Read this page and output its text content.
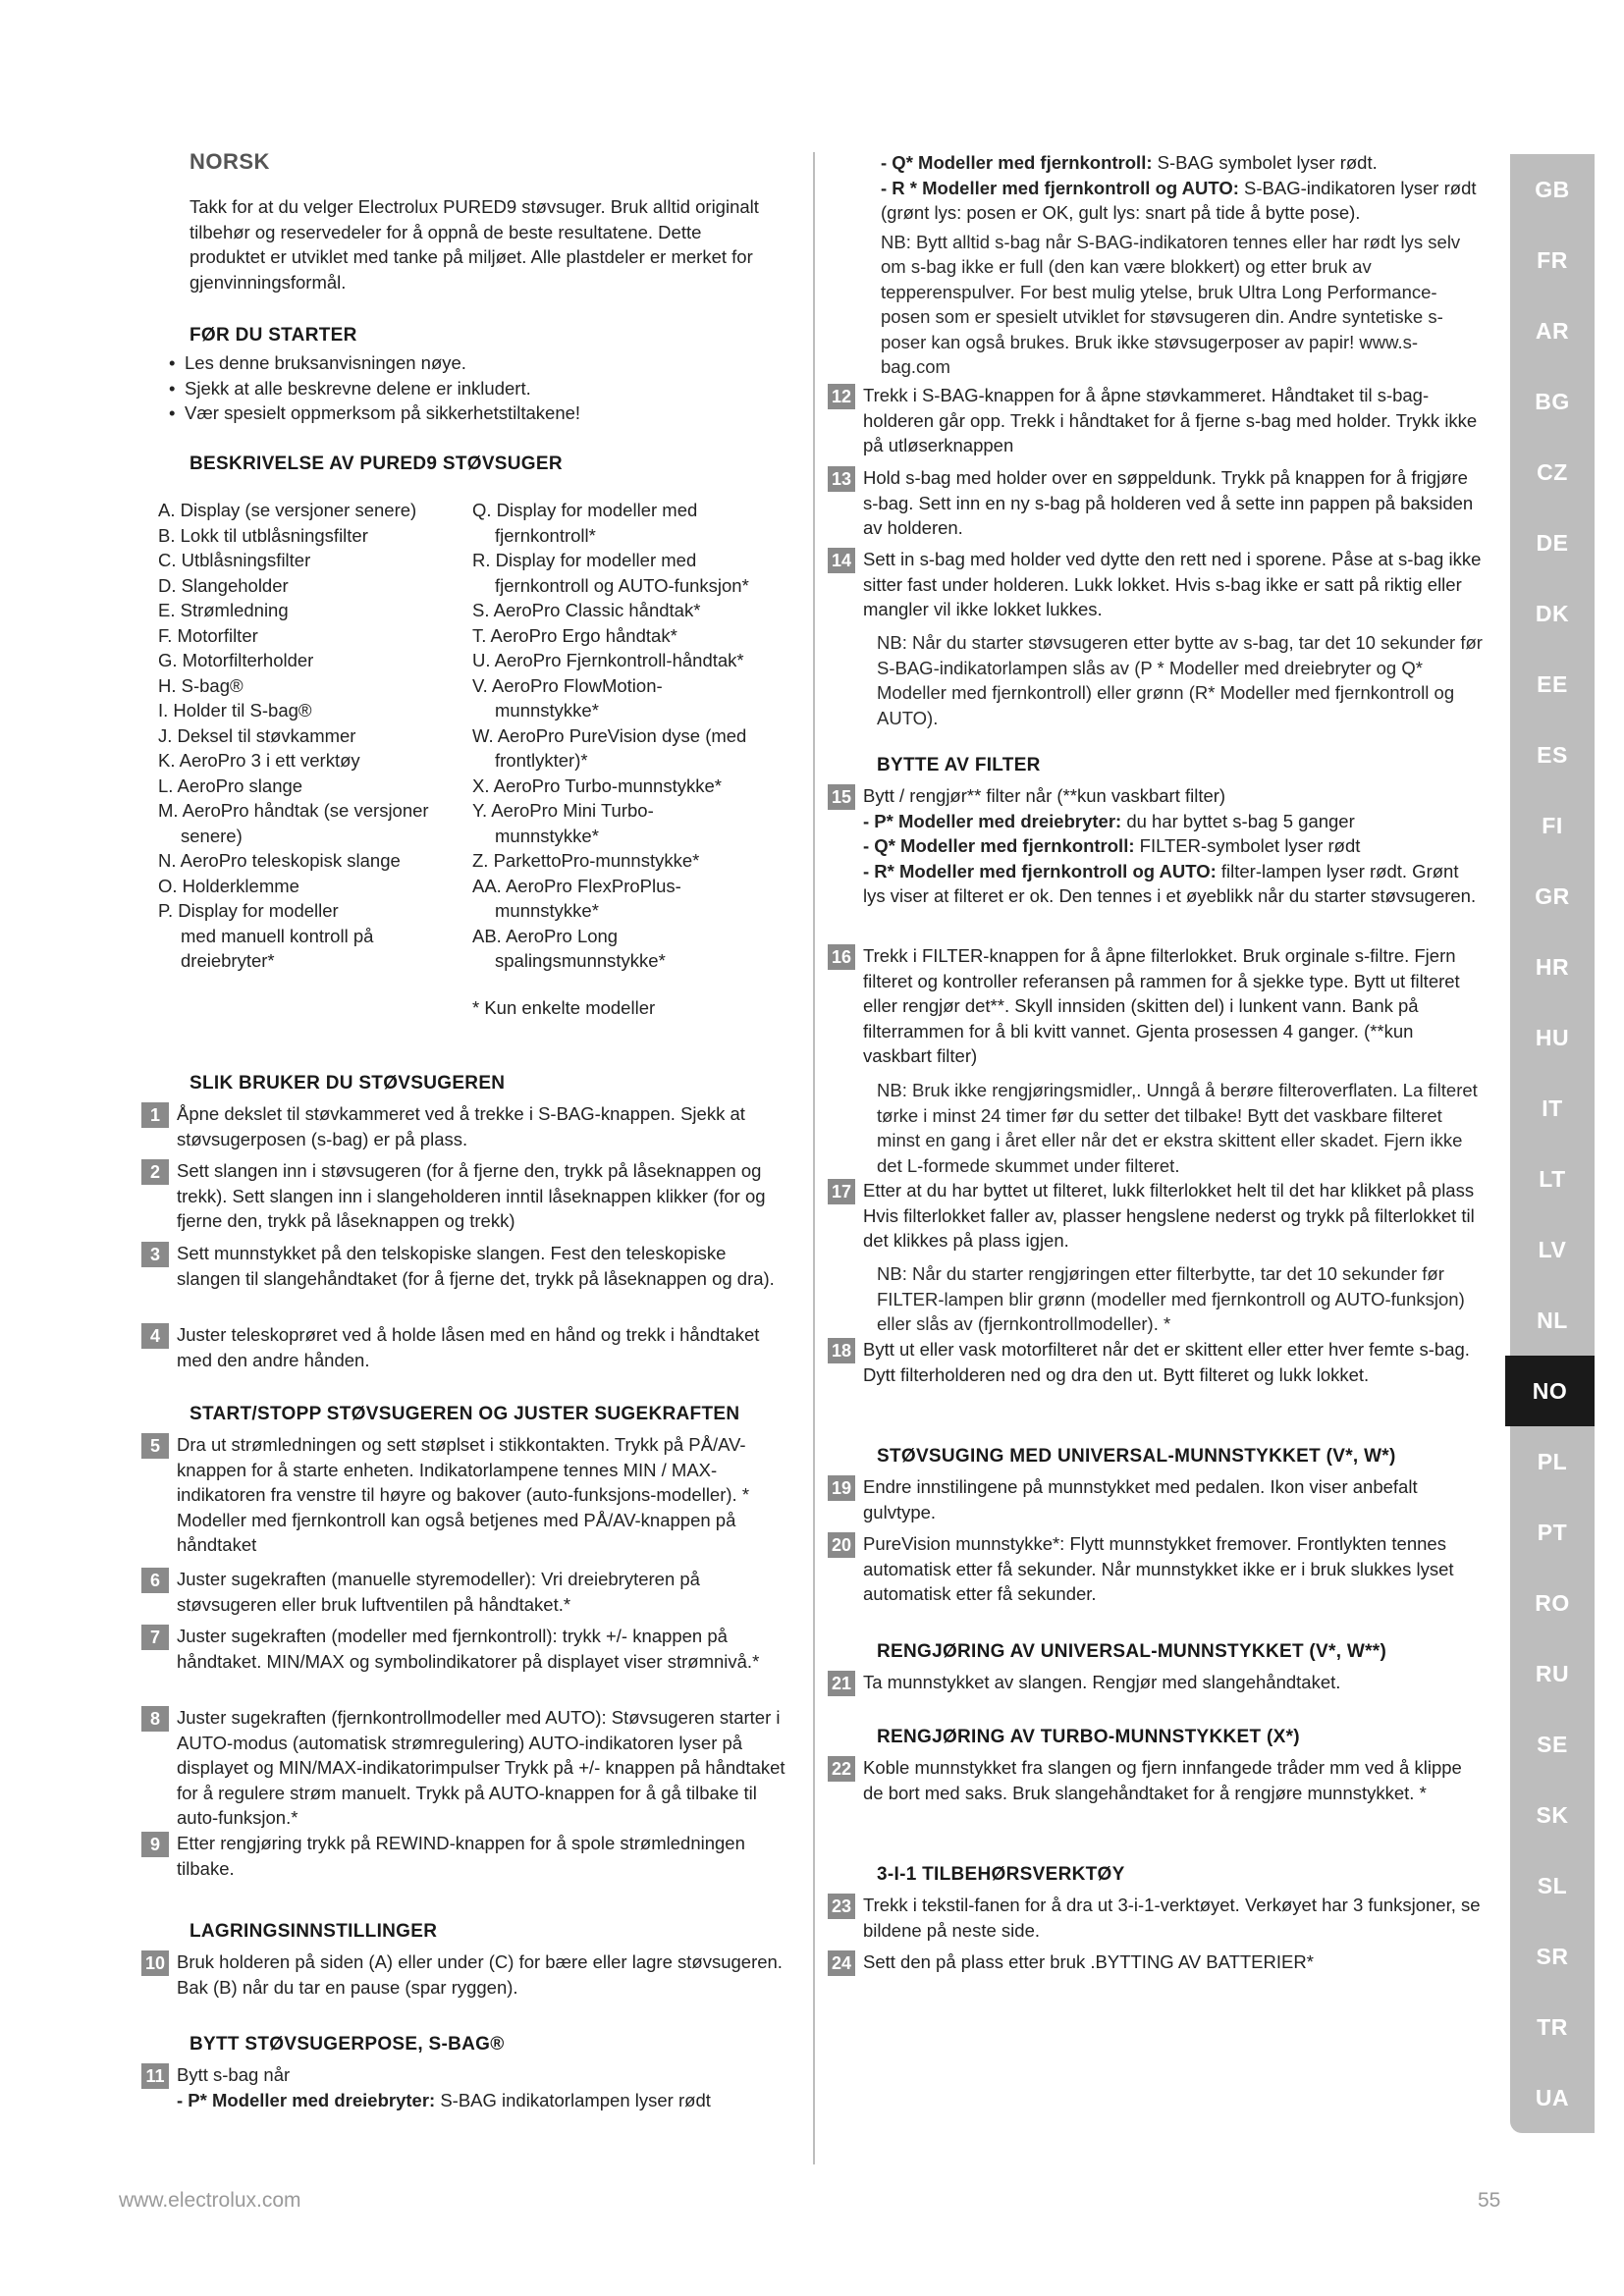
NORSK

Takk for at du velger Electrolux PURED9 støvsuger. Bruk alltid originalt tilbehør og reservedeler for å oppnå de beste resultatene. Dette produktet er utviklet med tanke på miljøet. Alle plastdeler er merket for gjenvinningsformål.

FØR DU STARTER
• Les denne bruksanvisningen nøye.
• Sjekk at alle beskrevne delene er inkludert.
• Vær spesielt oppmerksom på sikkerhetstiltakene!
BESKRIVELSE AV PURED9 STØVSUGER
A. Display (se versjoner senere)
B. Lokk til utblåsningsfilter
C. Utblåsningsfilter
D. Slangeholder
E. Strømledning
F. Motorfilter
G. Motorfilterholder
H. S-bag®
I. Holder til S-bag®
J. Deksel til støvkammer
K. AeroPro 3 i ett verktøy
L. AeroPro slange
M. AeroPro håndtak (se versjoner
senere)
N. AeroPro teleskopisk slange
O. Holderklemme
P. Display for modeller
med manuell kontroll på
dreiebryter*
Q. Display for modeller med
fjernkontroll*
R. Display for modeller med
fjernkontroll og AUTO-funksjon*
S. AeroPro Classic håndtak*
T. AeroPro Ergo håndtak*
U. AeroPro Fjernkontroll-håndtak*
V. AeroPro FlowMotion-
munnstykke*
W. AeroPro PureVision dyse (med
frontlykter)*
X. AeroPro Turbo-munnstykke*
Y. AeroPro Mini Turbo-
munnstykke*
Z. ParkettoPro-munnstykke*
AA. AeroPro FlexProPlus-
munnstykke*
AB. AeroPro Long
spalingsmunnstykke*

* Kun enkelte modeller

SLIK BRUKER DU STØVSUGEREN
1 Åpne dekslet til støvkammeret ved å trekke i S-BAG-knappen. Sjekk at støvsugerposen (s-bag) er på plass.
2 Sett slangen inn i støvsugeren (for å fjerne den, trykk på låseknappen og trekk). Sett slangen inn i slangeholderen inntil låseknappen klikker (for og fjerne den, trykk på låseknappen og trekk)
3 Sett munnstykket på den telskopiske slangen. Fest den teleskopiske slangen til slangehåndtaket (for å fjerne det, trykk på låseknappen og dra).
4 Juster teleskoprøret ved å holde låsen med en hånd og trekk i håndtaket med den andre hånden.
START/STOPP STØVSUGEREN OG JUSTER SUGEKRAFTEN
5 Dra ut strømledningen og sett støplset i stikkontakten. Trykk på PÅ/AV-knappen for å starte enheten. Indikatorlampene tennes MIN / MAX-indikatoren fra venstre til høyre og bakover (auto-funksjons-modeller). * Modeller med fjernkontroll kan også betjenes med PÅ/AV-knappen på håndtaket
6 Juster sugekraften (manuelle styremodeller): Vri dreiebryteren på støvsugeren eller bruk luftventilen på håndtaket.*
7 Juster sugekraften (modeller med fjernkontroll): trykk +/- knappen på håndtaket. MIN/MAX og symbolindikatorer på displayet viser strømnivå.*
8 Juster sugekraften (fjernkontrollmodeller med AUTO): Støvsugeren starter i AUTO-modus (automatisk strømregulering) AUTO-indikatoren lyser på displayet og MIN/MAX-indikatorimpulser Trykk på +/- knappen på håndtaket for å regulere strøm manuelt. Trykk på AUTO-knappen for å gå tilbake til auto-funksjon.*
9 Etter rengjøring trykk på REWIND-knappen for å spole strømledningen tilbake.
LAGRINGSINNSTILLINGER
10 Bruk holderen på siden (A) eller under (C) for bære eller lagre støvsugeren. Bak (B) når du tar en pause (spar ryggen).
BYTT STØVSUGERPOSE, S-BAG®
11 Bytt s-bag når
- P* Modeller med dreiebryter: S-BAG indikatorlampen lyser rødt
- Q* Modeller med fjernkontroll: S-BAG symbolet lyser rødt.
- R * Modeller med fjernkontroll og AUTO: S-BAG-indikatoren lyser rødt (grønt lys: posen er OK, gult lys: snart på tide å bytte pose).

NB: Bytt alltid s-bag når S-BAG-indikatoren tennes eller har rødt lys selv om s-bag ikke er full (den kan være blokkert) og etter bruk av tepperenspulver. For best mulig ytelse, bruk Ultra Long Performance-posen som er spesielt utviklet for støvsugeren din. Andre syntetiske s-poser kan også brukes. Bruk ikke støvsugerposer av papir! www.s-bag.com

12 Trekk i S-BAG-knappen for å åpne støvkammeret. Håndtaket til s-bag-holderen går opp. Trekk i håndtaket for å fjerne s-bag med holder. Trykk ikke på utløserknappen
13 Hold s-bag med holder over en søppeldunk. Trykk på knappen for å frigjøre s-bag. Sett inn en ny s-bag på holderen ved å sette inn pappen på baksiden av holderen.
14 Sett in s-bag med holder ved dytte den rett ned i sporene. Påse at s-bag ikke sitter fast under holderen. Lukk lokket. Hvis s-bag ikke er satt på riktig eller mangler vil ikke lokket lukkes.

NB: Når du starter støvsugeren etter bytte av s-bag, tar det 10 sekunder før S-BAG-indikatorlampen slås av (P * Modeller med dreiebryter og Q* Modeller med fjernkontroll) eller grønn (R* Modeller med fjernkontroll og AUTO).

BYTTE AV FILTER
15 Bytt / rengjør** filter når (**kun vaskbart filter)
- P* Modeller med dreiebryter: du har byttet s-bag 5 ganger
- Q* Modeller med fjernkontroll: FILTER-symbolet lyser rødt
- R* Modeller med fjernkontroll og AUTO: filter-lampen lyser rødt. Grønt lys viser at filteret er ok. Den tennes i et øyeblikk når du starter støvsugeren.
16 Trekk i FILTER-knappen for å åpne filterlokket. Bruk orginale s-filtre. Fjern filteret og kontroller referansen på rammen for å sjekke type. Bytt ut filteret eller rengjør det**. Skyll innsiden (skitten del) i lunkent vann. Bank på filterrammen for å bli kvitt vannet. Gjenta prosessen 4 ganger. (**kun vaskbart filter)

NB: Bruk ikke rengjøringsmidler,. Unngå å berøre filteroverflaten. La filteret tørke i minst 24 timer før du setter det tilbake! Bytt det vaskbare filteret minst en gang i året eller når det er ekstra skittent eller skadet. Fjern ikke det L-formede skummet under filteret.

17 Etter at du har byttet ut filteret, lukk filterlokket helt til det har klikket på plass Hvis filterlokket faller av, plasser hengslene nederst og trykk på filterlokket til det klikkes på plass igjen.

NB: Når du starter rengjøringen etter filterbytte, tar det 10 sekunder før FILTER-lampen blir grønn (modeller med fjernkontroll og AUTO-funksjon) eller slås av (fjernkontrollmodeller). *

18 Bytt ut eller vask motorfilteret når det er skittent eller etter hver femte s-bag. Dytt filterholderen ned og dra den ut. Bytt filteret og lukk lokket.
STØVSUGING MED UNIVERSAL-MUNNSTYKKET (V*, W*)
19 Endre innstilingene på munnstykket med pedalen. Ikon viser anbefalt gulvtype.
20 PureVision munnstykke*: Flytt munnstykket fremover. Frontlykten tennes automatisk etter få sekunder. Når munnstykket ikke er i bruk slukkes lyset automatisk etter få sekunder.
RENGJØRING AV UNIVERSAL-MUNNSTYKKET (V*, W**)
21 Ta munnstykket av slangen. Rengjør med slangehåndtaket.
RENGJØRING AV TURBO-MUNNSTYKKET (X*)
22 Koble munnstykket fra slangen og fjern innfangede tråder mm ved å klippe de bort med saks. Bruk slangehåndtaket for å rengjøre munnstykket. *
3-I-1 TILBEHØRSVERKTØY
23 Trekk i tekstil-fanen for å dra ut 3-i-1-verktøyet. Verkøyet har 3 funksjoner, se bildene på neste side.
24 Sett den på plass etter bruk .BYTTING AV BATTERIER*
GB
FR
AR
BG
CZ
DE
DK
EE
ES
FI
GR
HR
HU
IT
LT
LV
NL
NO
PL
PT
RO
RU
SE
SK
SL
SR
TR
UA
www.electrolux.com	55
